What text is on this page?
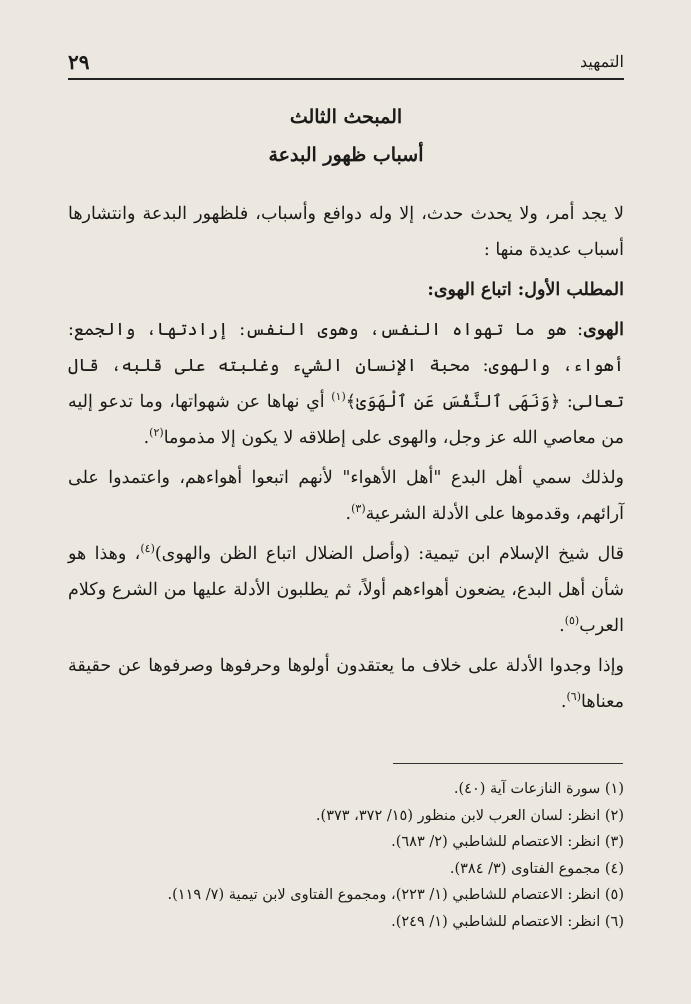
التمهيد
٢٩
المبحث الثالث
أسباب ظهور البدعة

لا يجد أمر، ولا يحدث حدث، إلا وله دوافع وأسباب، فلظهور البدعة وانتشارها أسباب عديدة منها :

المطلب الأول: اتباع الهوى:

الهوى: هو ما تهواه النفس، وهوى النفس: إرادتها، والجمع: أهواء، والهوى: محبة الإنسان الشيء وغلبته على قلبه، قال تعالى: ﴿وَنَهَى ٱلنَّفْسَ عَنِ ٱلْهَوَىٰ﴾$^{(١)}$ أي نهاها عن شهواتها، وما تدعو إليه من معاصي الله عز وجل، والهوى على إطلاقه لا يكون إلا مذموما$^{(٢)}$.

ولذلك سمي أهل البدع "أهل الأهواء" لأنهم اتبعوا أهواءهم، واعتمدوا على آرائهم، وقدموها على الأدلة الشرعية$^{(٣)}$.

قال شيخ الإسلام ابن تيمية: (وأصل الضلال اتباع الظن والهوى)$^{(٤)}$، وهذا هو شأن أهل البدع، يضعون أهواءهم أولاً، ثم يطلبون الأدلة عليها من الشرع وكلام العرب$^{(٥)}$.

وإذا وجدوا الأدلة على خلاف ما يعتقدون أولوها وحرفوها وصرفوها عن حقيقة معناها$^{(٦)}$.

(١) سورة النازعات آية (٤٠).
(٢) انظر: لسان العرب لابن منظور (١٥/ ٣٧٢، ٣٧٣).
(٣) انظر: الاعتصام للشاطبي (٢/ ٦٨٣).
(٤) مجموع الفتاوى (٣/ ٣٨٤).
(٥) انظر: الاعتصام للشاطبي (١/ ٢٢٣)، ومجموع الفتاوى لابن تيمية (٧/ ١١٩).
(٦) انظر: الاعتصام للشاطبي (١/ ٢٤٩).
